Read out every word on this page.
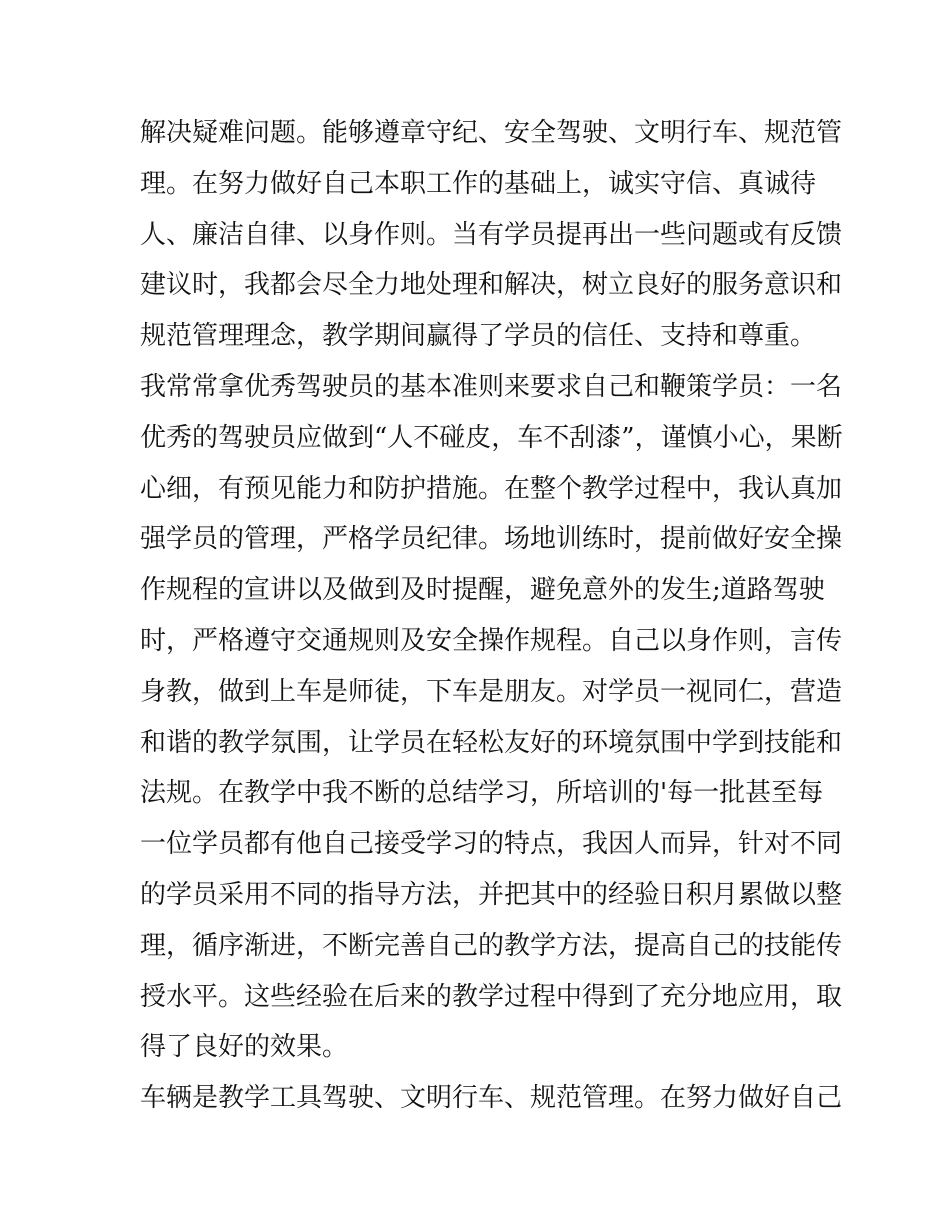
解决疑难问题。能够遵章守纪、安全驾驶、文明行车、规范管
理。在努力做好自己本职工作的基础上，诚实守信、真诚待
人、廉洁自律、以身作则。当有学员提再出一些问题或有反馈
建议时，我都会尽全力地处理和解决，树立良好的服务意识和
规范管理理念，教学期间赢得了学员的信任、支持和尊重。
我常常拿优秀驾驶员的基本准则来要求自己和鞭策学员：一名
优秀的驾驶员应做到“人不碰皮，车不刮漆”，谨慎小心，果断
心细，有预见能力和防护措施。在整个教学过程中，我认真加
强学员的管理，严格学员纪律。场地训练时，提前做好安全操
作规程的宣讲以及做到及时提醒，避免意外的发生;道路驾驶
时，严格遵守交通规则及安全操作规程。自己以身作则，言传
身教，做到上车是师徒，下车是朋友。对学员一视同仁，营造
和谐的教学氛围，让学员在轻松友好的环境氛围中学到技能和
法规。在教学中我不断的总结学习，所培训的'每一批甚至每
一位学员都有他自己接受学习的特点，我因人而异，针对不同
的学员采用不同的指导方法，并把其中的经验日积月累做以整
理，循序渐进，不断完善自己的教学方法，提高自己的技能传
授水平。这些经验在后来的教学过程中得到了充分地应用，取
得了良好的效果。
车辆是教学工具驾驶、文明行车、规范管理。在努力做好自己
